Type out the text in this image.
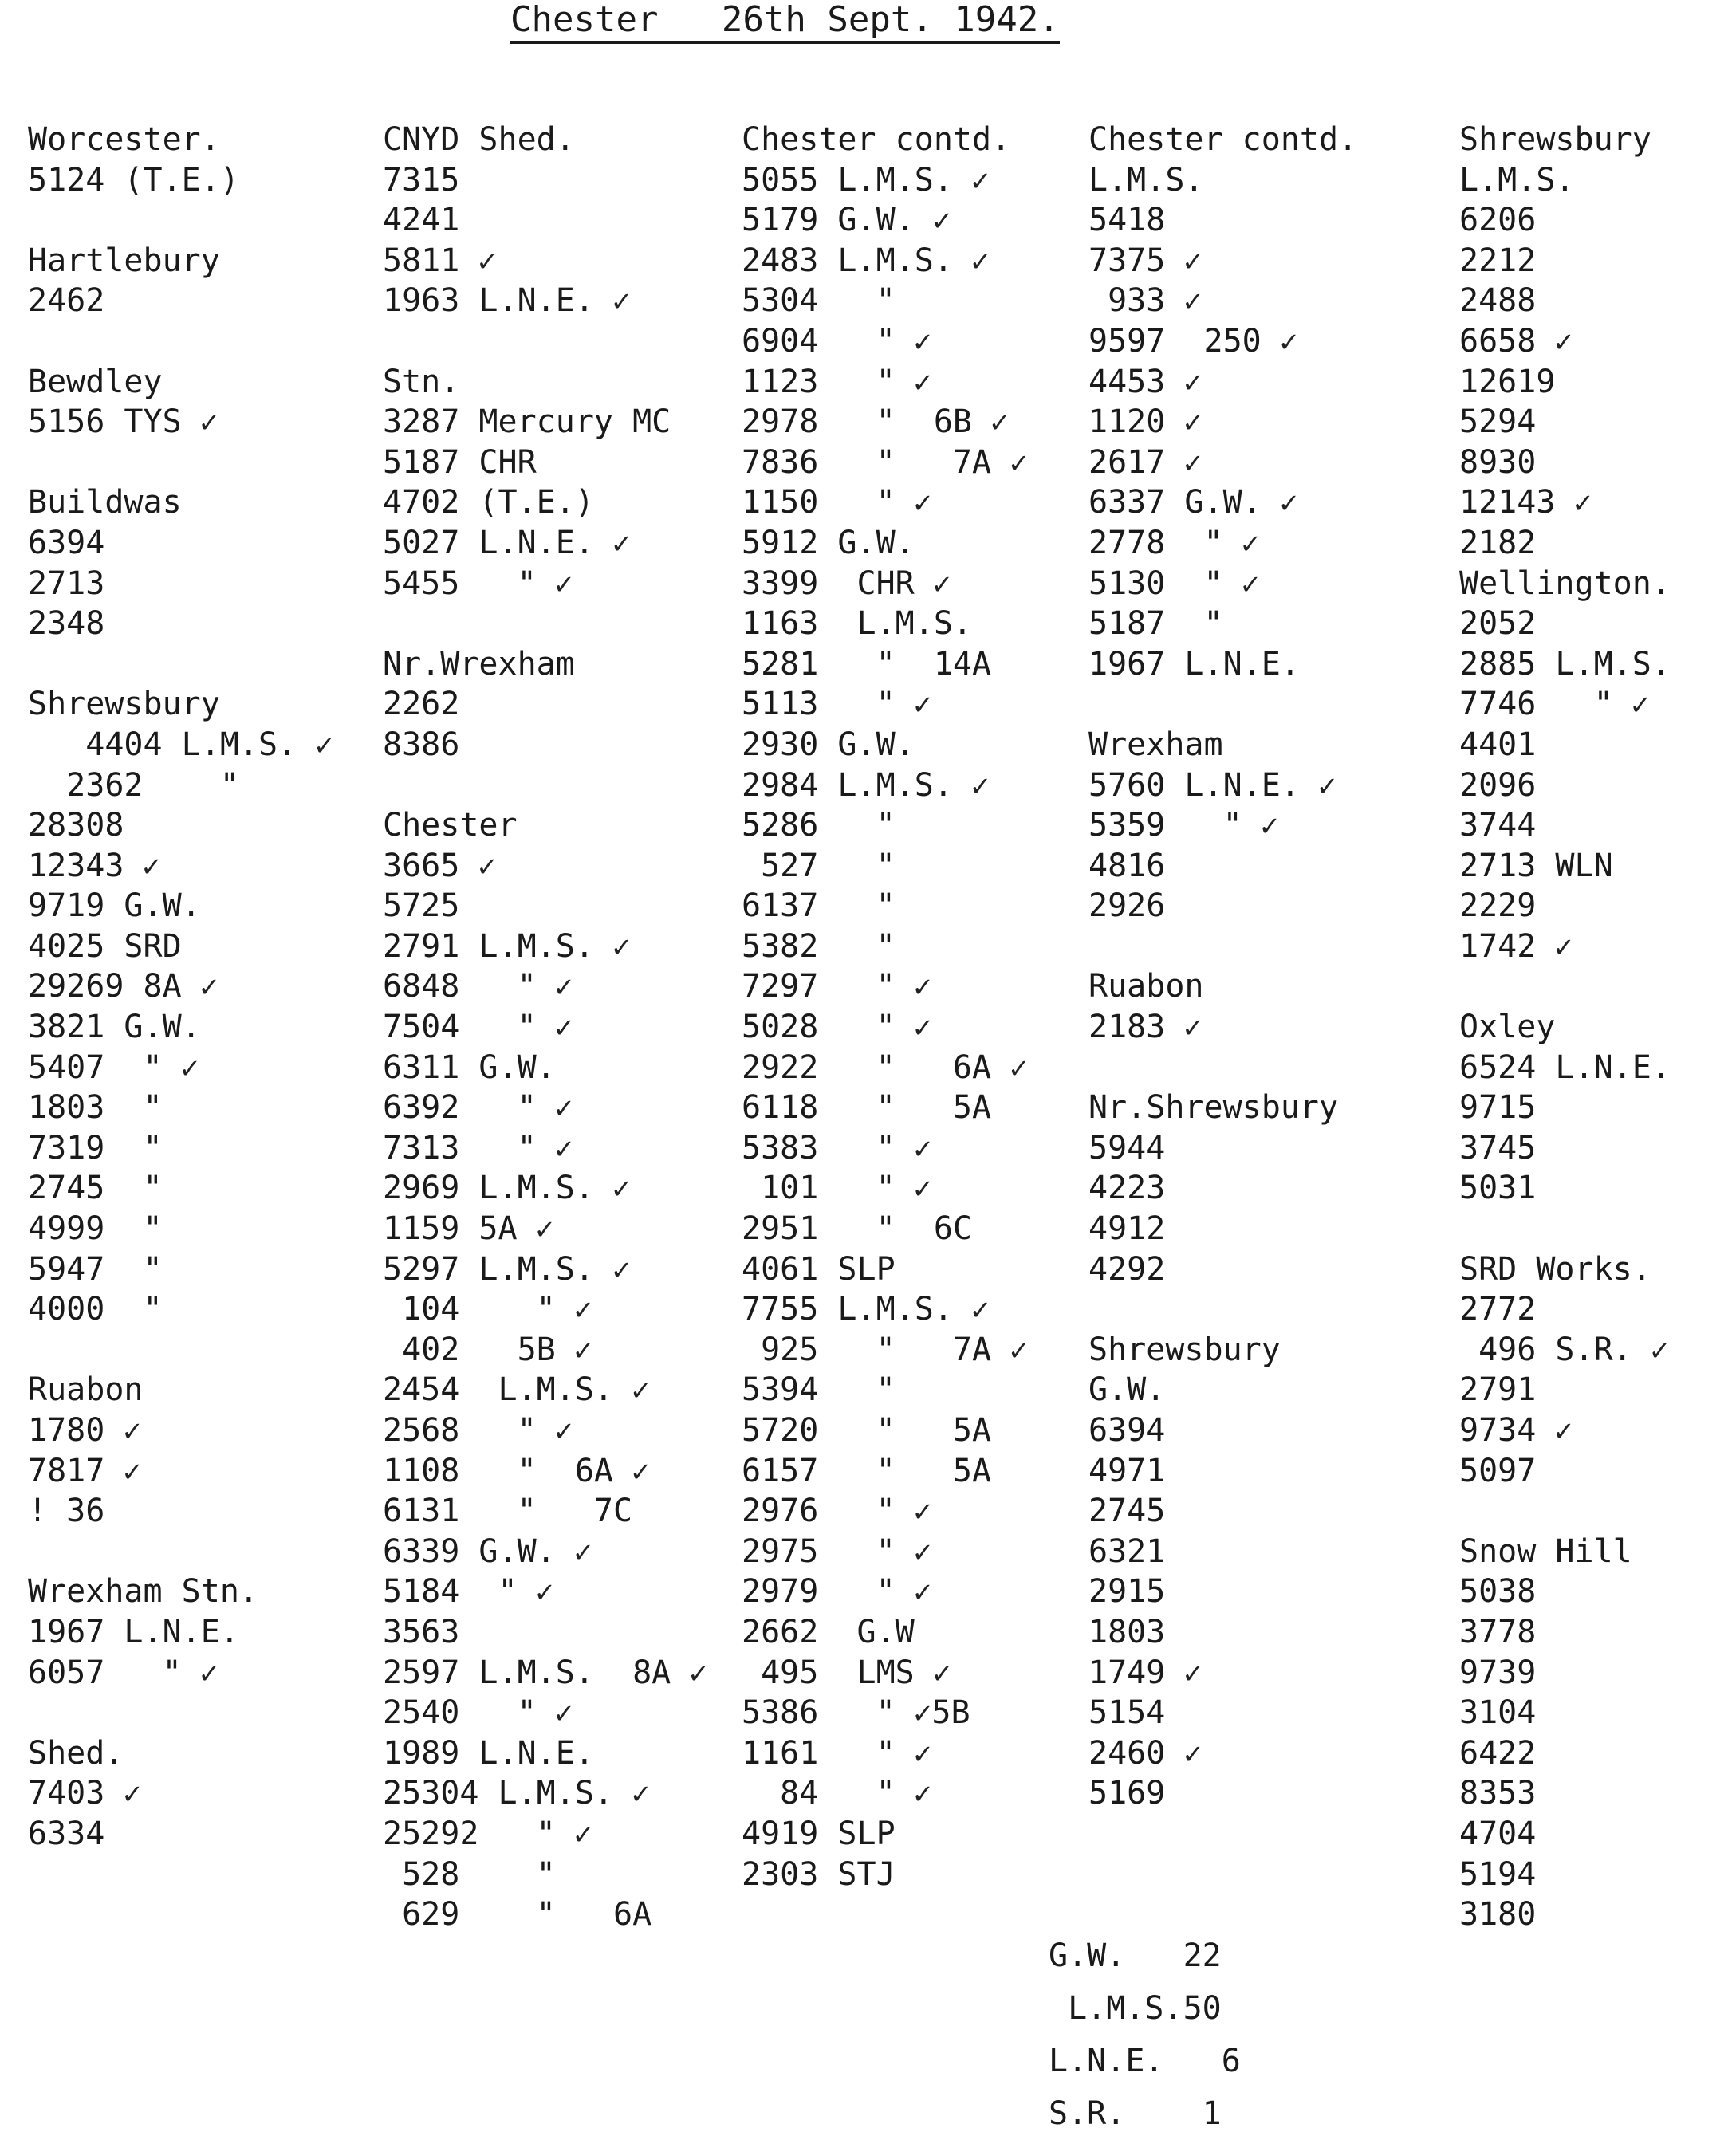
Chester   26th Sept. 1942.
Worcester.
5124 (T.E.)
Hartlebury
2462
Bewdley
5156 TYS ✓
Buildwas
6394
2713
2348
Shrewsbury
4404 L.M.S. ✓
2362    "
28308
12343 ✓
9719 G.W.
4025 SRD
29269 8A ✓
3821 G.W.
5407  " ✓
1803  "
7319  "
2745  "
4999  "
5947  "
4000  "
Ruabon
1780 ✓
7817 ✓
! 36
Wrexham Stn.
1967 L.N.E.
6057   " ✓
Shed.
7403 ✓
6334
CNYD Shed.
7315
4241
5811 ✓
1963 L.N.E. ✓
Stn.
3287 Mercury MC
5187 CHR
4702 (T.E.)
5027 L.N.E. ✓
5455   " ✓
Nr.Wrexham
2262
8386
Chester
3665 ✓
5725
2791 L.M.S. ✓
6848   " ✓
7504   " ✓
6311 G.W.
6392   " ✓
7313   " ✓
2969 L.M.S. ✓
1159 5A ✓
5297 L.M.S. ✓
104    " ✓
402   5B ✓
2454  L.M.S. ✓
2568   " ✓
1108   "  6A ✓
6131   "   7C
6339 G.W. ✓
5184  " ✓
3563
2597 L.M.S.  8A ✓
2540   " ✓
1989 L.N.E.
25304 L.M.S. ✓
25292   " ✓
528    "
629    "   6A
Chester contd.
5055 L.M.S. ✓
5179 G.W. ✓
2483 L.M.S. ✓
5304   "
6904   " ✓
1123   " ✓
2978   "  6B ✓
7836   "   7A ✓
1150   " ✓
5912 G.W.
3399  CHR ✓
1163  L.M.S.
5281   "  14A
5113   " ✓
2930 G.W.
2984 L.M.S. ✓
5286   "
527   "
6137   "
5382   "
7297   " ✓
5028   " ✓
2922   "   6A ✓
6118   "   5A
5383   " ✓
101   " ✓
2951   "  6C
4061 SLP
7755 L.M.S. ✓
925   "   7A ✓
5394   "
5720   "   5A
6157   "   5A
2976   " ✓
2975   " ✓
2979   " ✓
2662  G.W
495  LMS ✓
5386   " ✓5B
1161   " ✓
84   " ✓
4919 SLP
2303 STJ
Chester contd.
L.M.S.
5418
7375 ✓
933 ✓
9597  250 ✓
4453 ✓
1120 ✓
2617 ✓
6337 G.W. ✓
2778  " ✓
5130  " ✓
5187  "
1967 L.N.E.
Wrexham
5760 L.N.E. ✓
5359   " ✓
4816
2926
Ruabon
2183 ✓
Nr.Shrewsbury
5944
4223
4912
4292
Shrewsbury
G.W.
6394
4971
2745
6321
2915
1803
1749 ✓
5154
2460 ✓
5169
Shrewsbury
L.M.S.
6206
2212
2488
6658 ✓
12619
5294
8930
12143 ✓
2182
Wellington.
2052
2885 L.M.S.
7746   " ✓
4401
2096
3744
2713 WLN
2229
1742 ✓
Oxley
6524 L.N.E.
9715
3745
5031
SRD Works.
2772
496 S.R. ✓
2791
9734 ✓
5097
Snow Hill
5038
3778
9739
3104
6422
8353
4704
5194
3180
G.W.   22
L.M.S.50
L.N.E.   6
S.R.    1
